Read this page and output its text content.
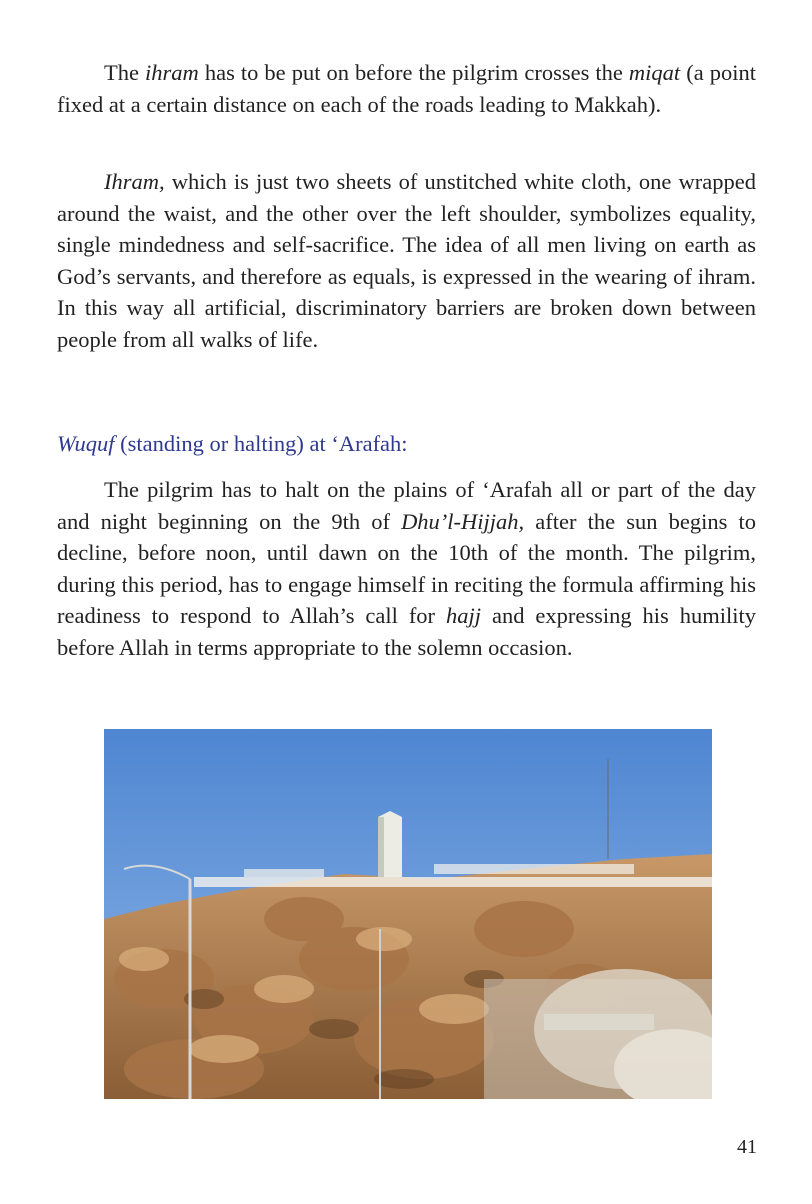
The ihram has to be put on before the pilgrim crosses the miqat (a point fixed at a certain distance on each of the roads leading to Makkah).

Ihram, which is just two sheets of unstitched white cloth, one wrapped around the waist, and the other over the left shoulder, symbolizes equality, single mindedness and self-sacrifice. The idea of all men living on earth as God’s servants, and therefore as equals, is expressed in the wearing of ihram. In this way all artificial, discriminatory barriers are broken down between people from all walks of life.

Wuquf (standing or halting) at ‘Arafah:

The pilgrim has to halt on the plains of ‘Arafah all or part of the day and night beginning on the 9th of Dhu’l-Hijjah, after the sun begins to decline, before noon, until dawn on the 10th of the month. The pilgrim, during this period, has to engage himself in reciting the formula affirming his readiness to respond to Allah’s call for hajj and expressing his humility before Allah in terms appropriate to the solemn occasion.

41
